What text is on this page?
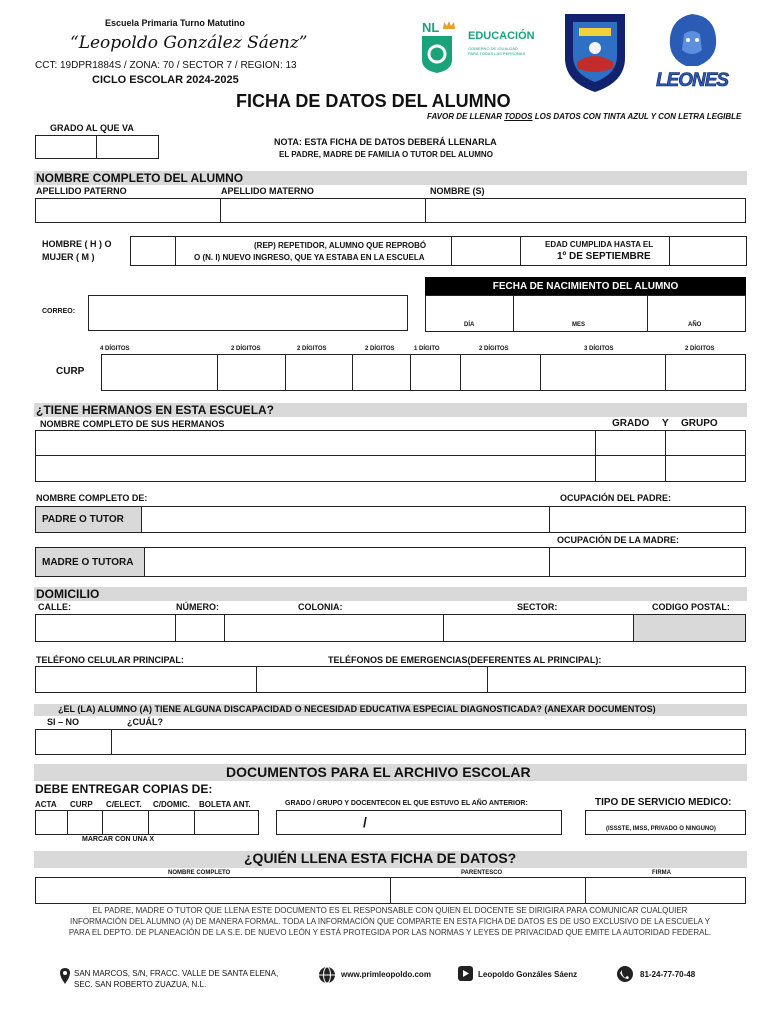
Escuela Primaria Turno Matutino
“Leopoldo González Sáenz”
CCT: 19DPR1884S / ZONA: 70 / SECTOR 7 / REGION: 13
CICLO ESCOLAR 2024-2025
NL
EDUCACIÓN
GOBIERNO DE IGUALDAD
PARA TODAS LAS PERSONAS
LEONES
FICHA DE DATOS DEL ALUMNO
FAVOR DE LLENAR TODOS LOS DATOS CON TINTA AZUL Y CON LETRA LEGIBLE
GRADO AL QUE VA
NOTA: ESTA FICHA DE DATOS DEBERÁ LLENARLA
EL PADRE, MADRE DE FAMILIA O TUTOR DEL ALUMNO
NOMBRE COMPLETO DEL ALUMNO
APELLIDO PATERNO	APELLIDO MATERNO	NOMBRE (S)
HOMBRE ( H ) O
MUJER ( M )
(REP) REPETIDOR, ALUMNO QUE REPROBÓ
O (N. I) NUEVO INGRESO, QUE YA ESTABA EN LA ESCUELA
EDAD CUMPLIDA HASTA EL
1º DE SEPTIEMBRE
CORREO:
FECHA DE NACIMIENTO DEL ALUMNO
DÍA	MES	AÑO
4 DÍGITOS	2 DÍGITOS	2 DÍGITOS	2 DÍGITOS	1 DÍGITO	2 DÍGITOS	3 DÍGITOS	2 DÍGITOS
CURP
¿TIENE HERMANOS EN ESTA ESCUELA?
NOMBRE COMPLETO DE SUS HERMANOS	GRADO Y GRUPO
NOMBRE COMPLETO DE:	OCUPACIÓN DEL PADRE:
PADRE O TUTOR
OCUPACIÓN DE LA MADRE:
MADRE O TUTORA
DOMICILIO
CALLE:	NÚMERO:	COLONIA:	SECTOR:	CODIGO POSTAL:
TELÉFONO CELULAR PRINCIPAL:	TELÉFONOS DE EMERGENCIAS(DEFERENTES AL PRINCIPAL):
¿EL (LA) ALUMNO (A) TIENE ALGUNA DISCAPACIDAD O NECESIDAD EDUCATIVA ESPECIAL DIAGNOSTICADA? (ANEXAR DOCUMENTOS)
SI – NO	¿CUÁL?
DOCUMENTOS PARA EL ARCHIVO ESCOLAR
DEBE ENTREGAR COPIAS DE:
ACTA CURP C/ELECT. C/DOMIC. BOLETA ANT.
MARCAR CON UNA X
GRADO / GRUPO Y DOCENTECON EL QUE ESTUVO EL AÑO ANTERIOR:
/
TIPO DE SERVICIO MEDICO:
(ISSSTE, IMSS, PRIVADO O NINGUNO)
¿QUIÉN LLENA ESTA FICHA DE DATOS?
NOMBRE COMPLETO	PARENTESCO	FIRMA
EL PADRE, MADRE O TUTOR QUE LLENA ESTE DOCUMENTO ES EL RESPONSABLE CON QUIEN EL DOCENTE SE DIRIGIRA PARA COMUNICAR CUALQUIER
INFORMACIÓN DEL ALUMNO (A) DE MANERA FORMAL. TODA LA INFORMACIÓN QUE COMPARTE EN ESTA FICHA DE DATOS ES DE USO EXCLUSIVO DE LA ESCUELA Y
PARA EL DEPTO. DE PLANEACIÓN DE LA S.E. DE NUEVO LEÓN Y ESTÁ PROTEGIDA POR LAS NORMAS Y LEYES DE PRIVACIDAD QUE EMITE LA AUTORIDAD FEDERAL.
SAN MARCOS, S/N, FRACC. VALLE DE SANTA ELENA,
SEC. SAN ROBERTO ZUAZUA, N.L.
www.primleopoldo.com	Leopoldo Gonzáles Sáenz	81-24-77-70-48
